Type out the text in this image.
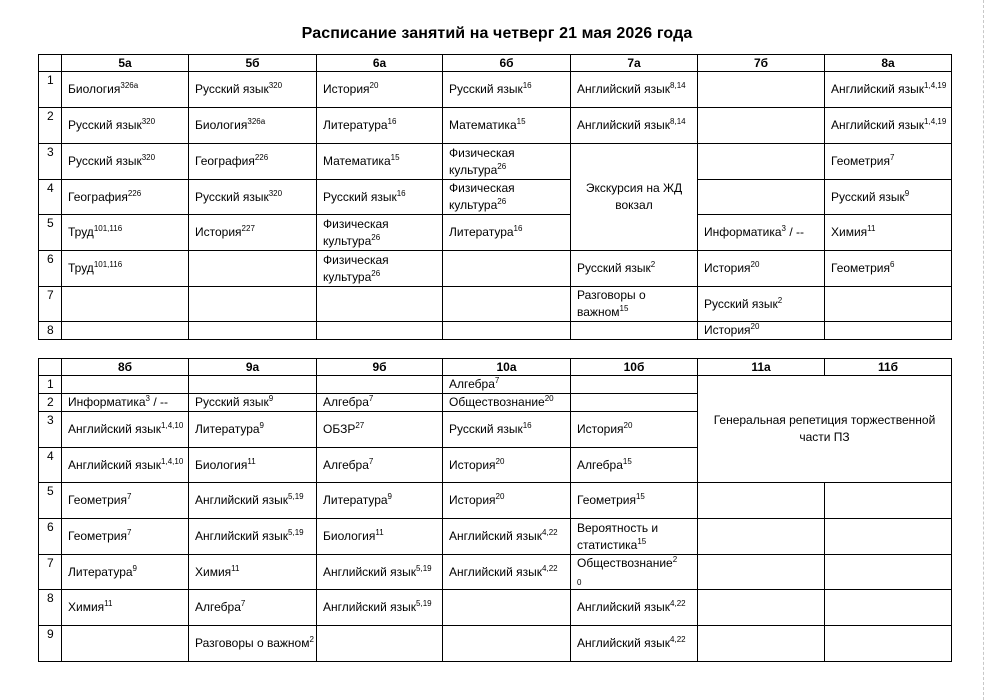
Расписание занятий на четверг 21 мая 2026 года
	5а	5б	6а	6б	7а	7б	8а
1	Биология$^{326а}$	Русский язык$^{320}$	История$^{20}$	Русский язык$^{16}$	Английский язык$^{8,14}$		Английский язык$^{1,4,19}$
2	Русский язык$^{320}$	Биология$^{326а}$	Литература$^{16}$	Математика$^{15}$	Английский язык$^{8,14}$		Английский язык$^{1,4,19}$
3	Русский язык$^{320}$	География$^{226}$	Математика$^{15}$	Физическая культура$^{26}$	Экскурсия на ЖД вокзал		Геометрия$^7$
4	География$^{226}$	Русский язык$^{320}$	Русский язык$^{16}$	Физическая культура$^{26}$			Русский язык$^9$
5	Труд$^{101,116}$	История$^{227}$	Физическая культура$^{26}$	Литература$^{16}$		Информатика$^3$ / --	Химия$^{11}$
6	Труд$^{101,116}$		Физическая культура$^{26}$		Русский язык$^2$	История$^{20}$	Геометрия$^6$
7					Разговоры о важном$^{15}$	Русский язык$^2$	
8						История$^{20}$	
	8б	9а	9б	10а	10б	11а	11б
1				Алгебра$^7$		Генеральная репетиция торжественной части ПЗ	
2	Информатика$^3$ / --	Русский язык$^9$	Алгебра$^7$	Обществознание$^{20}$	
3	Английский язык$^{1,4,10}$	Литература$^9$	ОБЗР$^{27}$	Русский язык$^{16}$	История$^{20}$
4	Английский язык$^{1,4,10}$	Биология$^{11}$	Алгебра$^7$	История$^{20}$	Алгебра$^{15}$
5	Геометрия$^7$	Английский язык$^{5,19}$	Литература$^9$	История$^{20}$	Геометрия$^{15}$		
6	Геометрия$^7$	Английский язык$^{5,19}$	Биология$^{11}$	Английский язык$^{4,22}$	Вероятность и статистика$^{15}$		
7	Литература$^9$	Химия$^{11}$	Английский язык$^{5,19}$	Английский язык$^{4,22}$	Обществознание$^2$
$_0$		
8	Химия$^{11}$	Алгебра$^7$	Английский язык$^{5,19}$		Английский язык$^{4,22}$		
9		Разговоры о важном$^2$			Английский язык$^{4,22}$		
